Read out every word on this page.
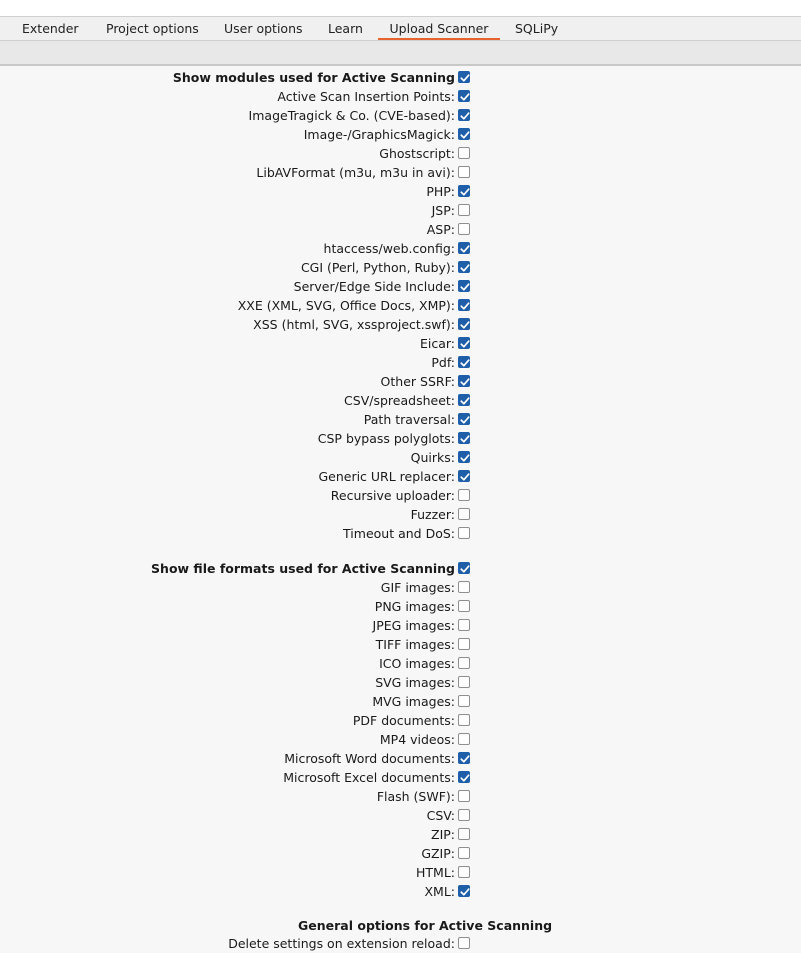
Extender Project options User options Learn	Upload Scanner	SQLiPy
Show modules used for Active Scanning
Active Scan Insertion Points:
ImageTragick & Co. (CVE-based):
Image-/GraphicsMagick:
Ghostscript:
LibAVFormat (m3u, m3u in avi):
PHP:
JSP:
ASP:
htaccess/web.config:
CGI (Perl, Python, Ruby):
Server/Edge Side Include:
XXE (XML, SVG, Office Docs, XMP):
XSS (html, SVG, xssproject.swf):
Eicar:
Pdf:
Other SSRF:
CSV/spreadsheet:
Path traversal:
CSP bypass polyglots:
Quirks:
Generic URL replacer:
Recursive uploader:
Fuzzer:
Timeout and DoS:
Show file formats used for Active Scanning
GIF images:
PNG images:
JPEG images:
TIFF images:
ICO images:
SVG images:
MVG images:
PDF documents:
MP4 videos:
Microsoft Word documents:
Microsoft Excel documents:
Flash (SWF):
CSV:
ZIP:
GZIP:
HTML:
XML:
General options for Active Scanning
Delete settings on extension reload:
